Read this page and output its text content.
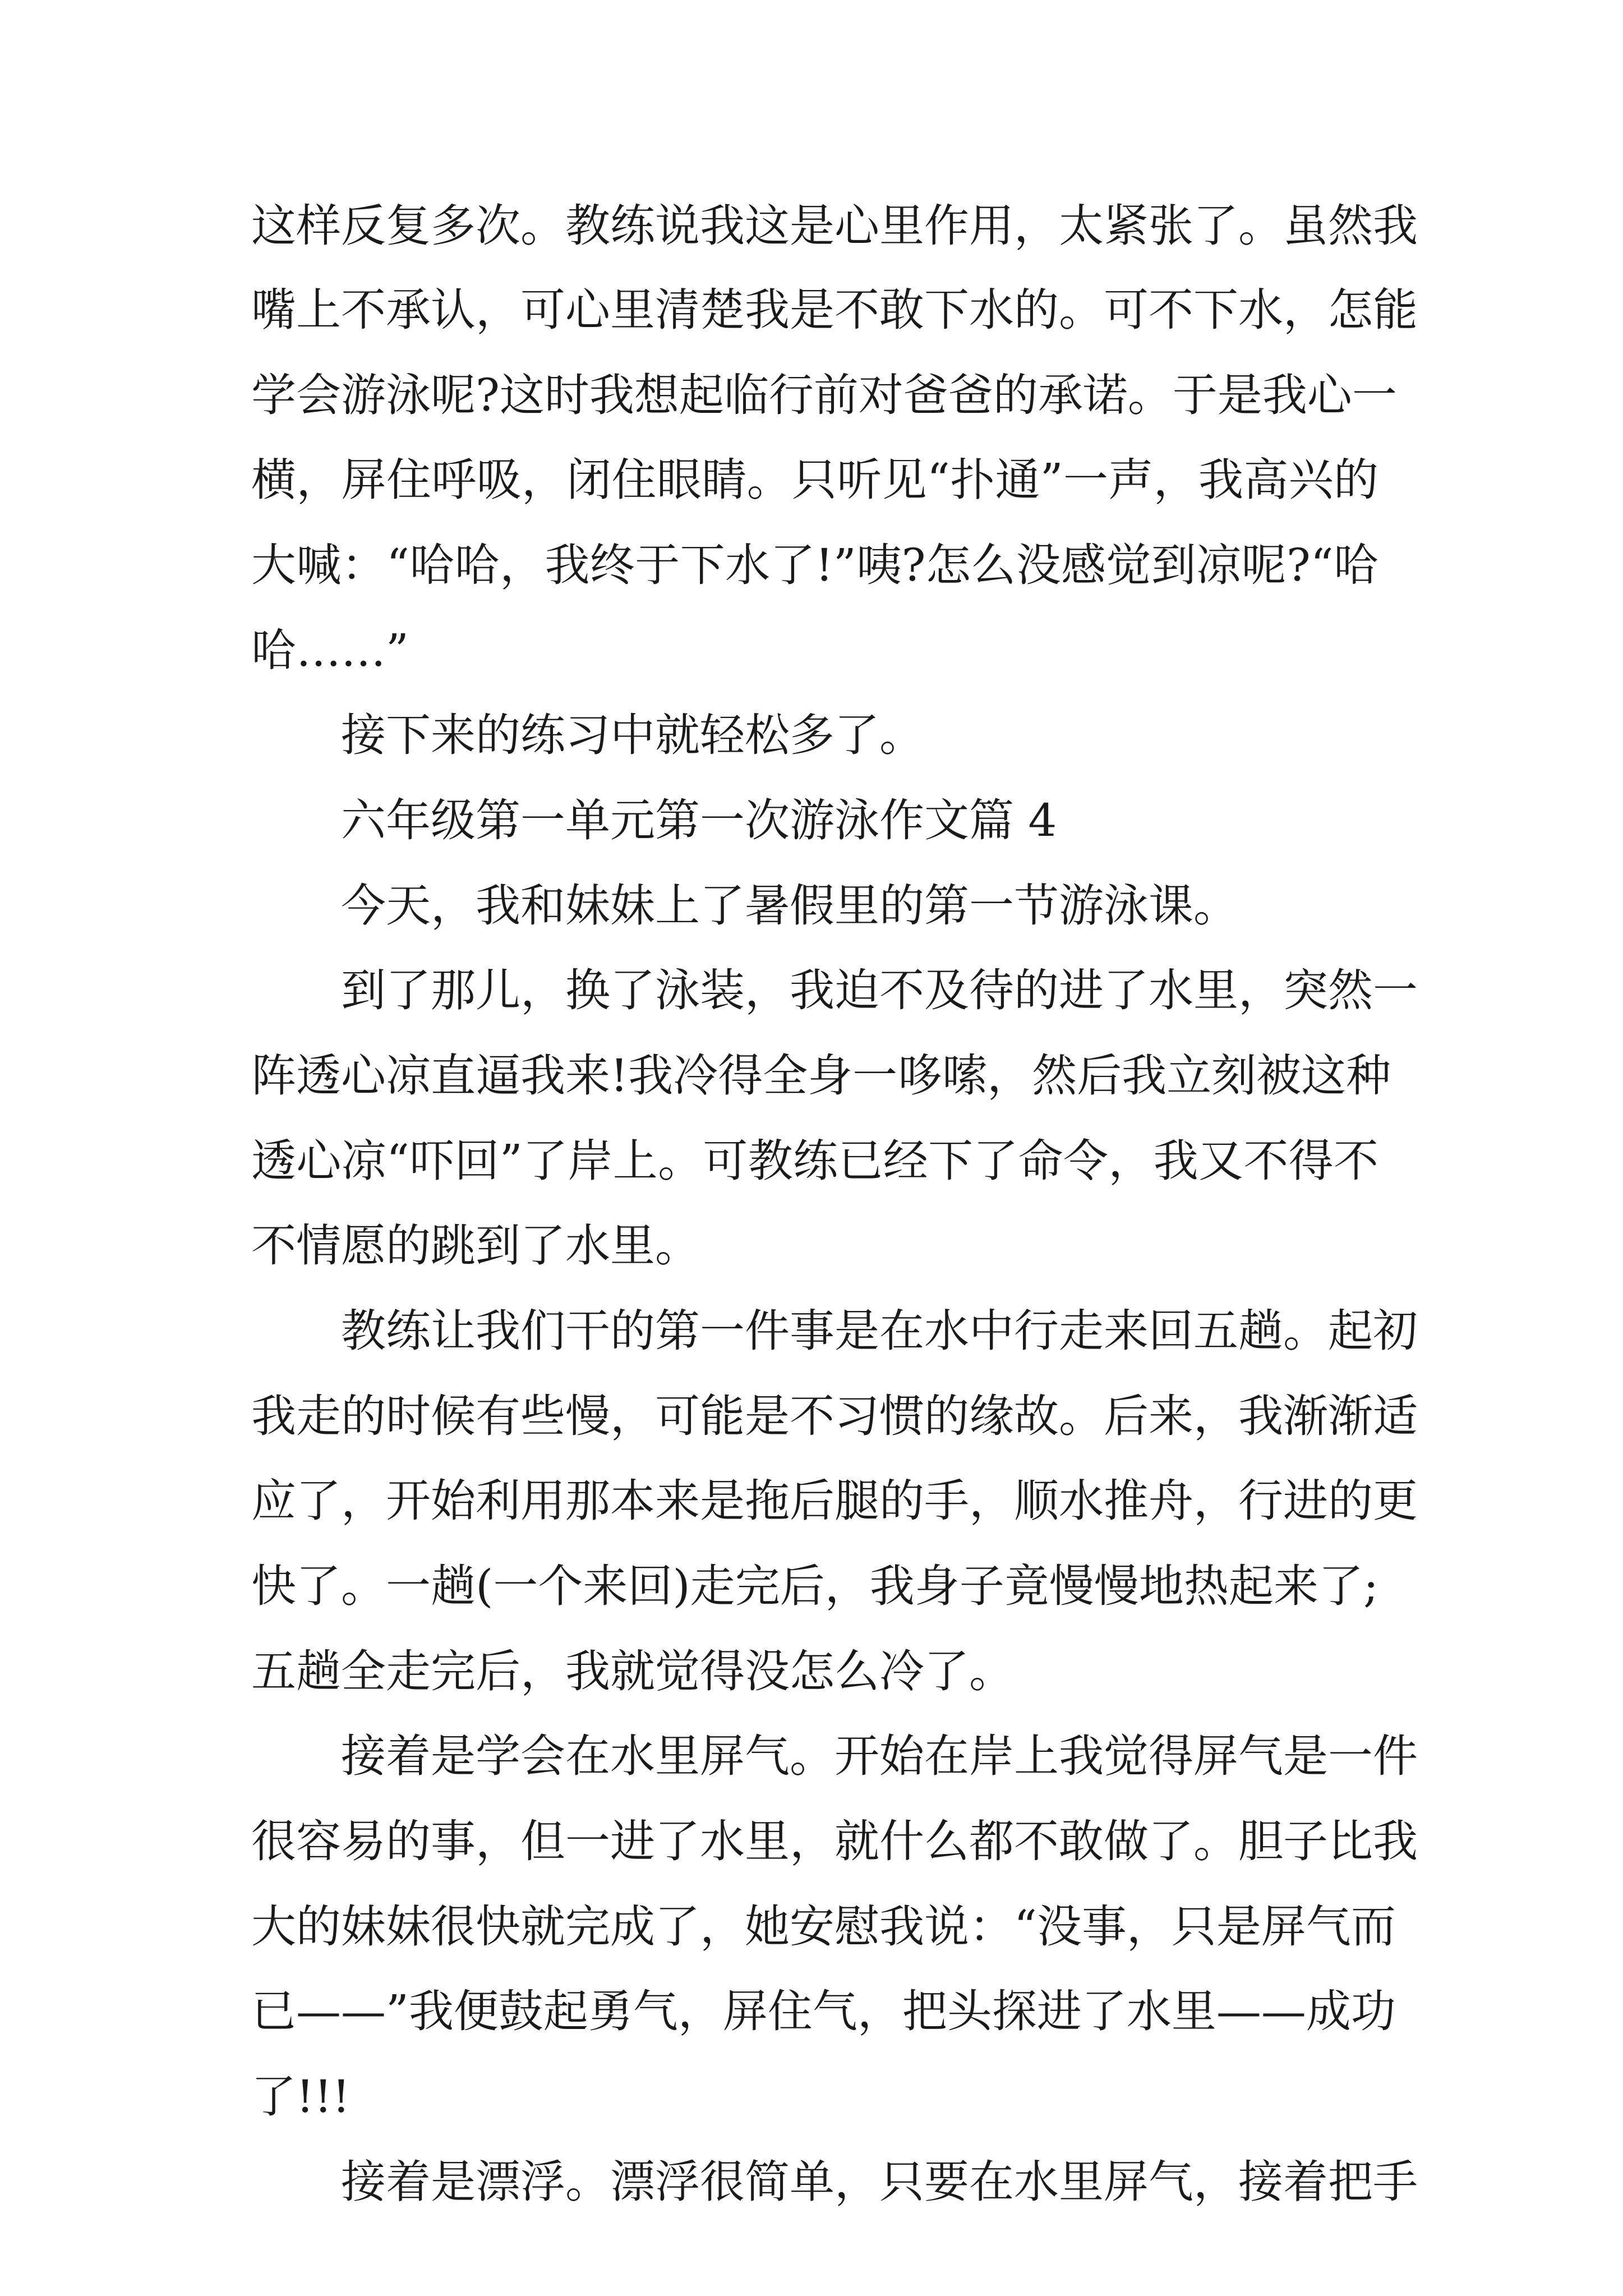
这样反复多次。教练说我这是心里作用，太紧张了。虽然我
嘴上不承认，可心里清楚我是不敢下水的。可不下水，怎能
学会游泳呢?这时我想起临行前对爸爸的承诺。于是我心一
横，屏住呼吸，闭住眼睛。只听见“扑通”一声，我高兴的
大喊：“哈哈，我终于下水了!”咦?怎么没感觉到凉呢?“哈
哈……”
接下来的练习中就轻松多了。
六年级第一单元第一次游泳作文篇 4
今天，我和妹妹上了暑假里的第一节游泳课。
到了那儿，换了泳装，我迫不及待的进了水里，突然一
阵透心凉直逼我来!我冷得全身一哆嗦，然后我立刻被这种
透心凉“吓回”了岸上。可教练已经下了命令，我又不得不
不情愿的跳到了水里。
教练让我们干的第一件事是在水中行走来回五趟。起初
我走的时候有些慢，可能是不习惯的缘故。后来，我渐渐适
应了，开始利用那本来是拖后腿的手，顺水推舟，行进的更
快了。一趟(一个来回)走完后，我身子竟慢慢地热起来了;
五趟全走完后，我就觉得没怎么冷了。
接着是学会在水里屏气。开始在岸上我觉得屏气是一件
很容易的事，但一进了水里，就什么都不敢做了。胆子比我
大的妹妹很快就完成了，她安慰我说：“没事，只是屏气而
已——”我便鼓起勇气，屏住气，把头探进了水里——成功
了!!!
接着是漂浮。漂浮很简单，只要在水里屏气，接着把手
